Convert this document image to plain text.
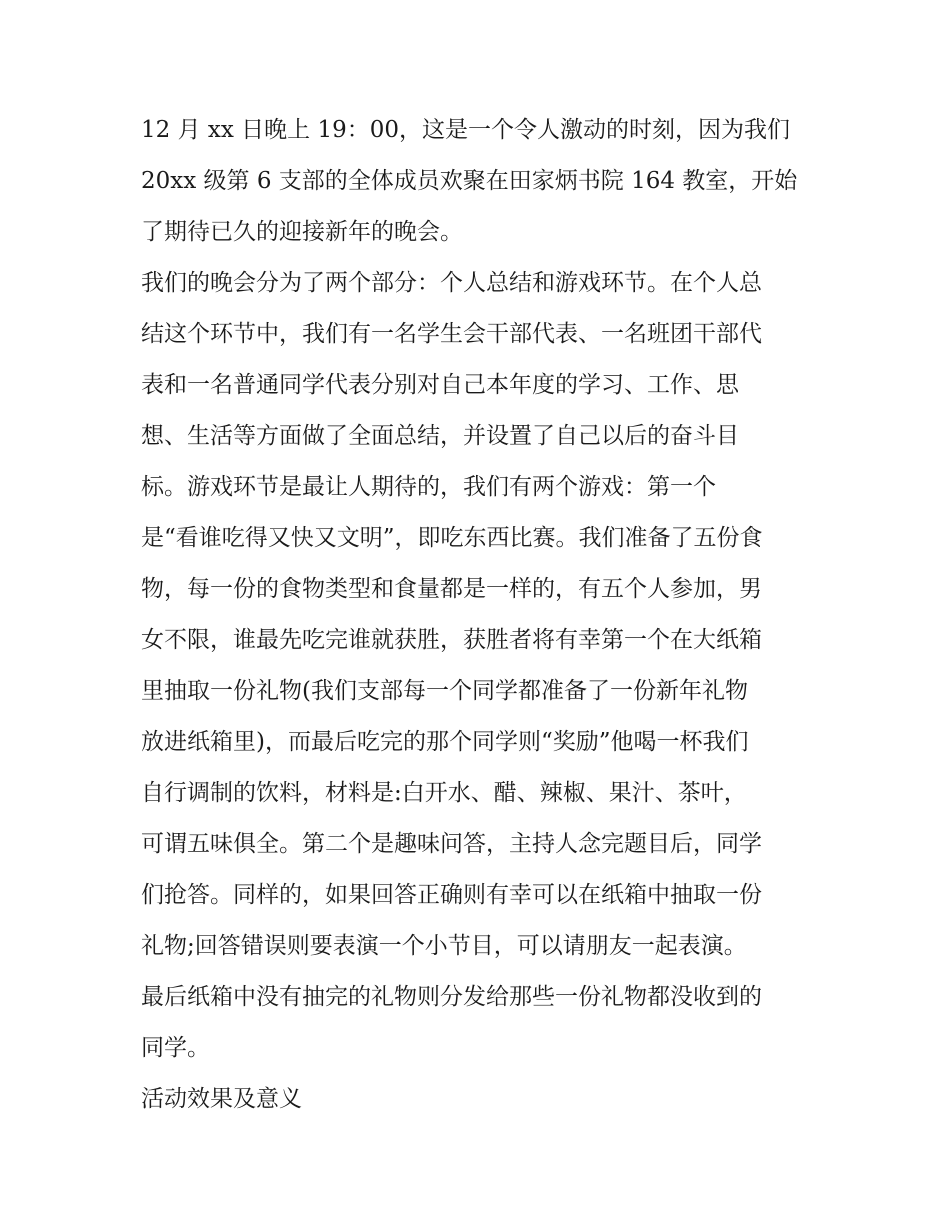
12 月 xx 日晚上 19：00，这是一个令人激动的时刻，因为我们
20xx 级第 6 支部的全体成员欢聚在田家炳书院 164 教室，开始
了期待已久的迎接新年的晚会。
我们的晚会分为了两个部分：个人总结和游戏环节。在个人总
结这个环节中，我们有一名学生会干部代表、一名班团干部代
表和一名普通同学代表分别对自己本年度的学习、工作、思
想、生活等方面做了全面总结，并设置了自己以后的奋斗目
标。游戏环节是最让人期待的，我们有两个游戏：第一个
是“看谁吃得又快又文明”，即吃东西比赛。我们准备了五份食
物，每一份的食物类型和食量都是一样的，有五个人参加，男
女不限，谁最先吃完谁就获胜，获胜者将有幸第一个在大纸箱
里抽取一份礼物(我们支部每一个同学都准备了一份新年礼物
放进纸箱里)，而最后吃完的那个同学则“奖励”他喝一杯我们
自行调制的饮料，材料是:白开水、醋、辣椒、果汁、茶叶，
可谓五味俱全。第二个是趣味问答，主持人念完题目后，同学
们抢答。同样的，如果回答正确则有幸可以在纸箱中抽取一份
礼物;回答错误则要表演一个小节目，可以请朋友一起表演。
最后纸箱中没有抽完的礼物则分发给那些一份礼物都没收到的
同学。
活动效果及意义
